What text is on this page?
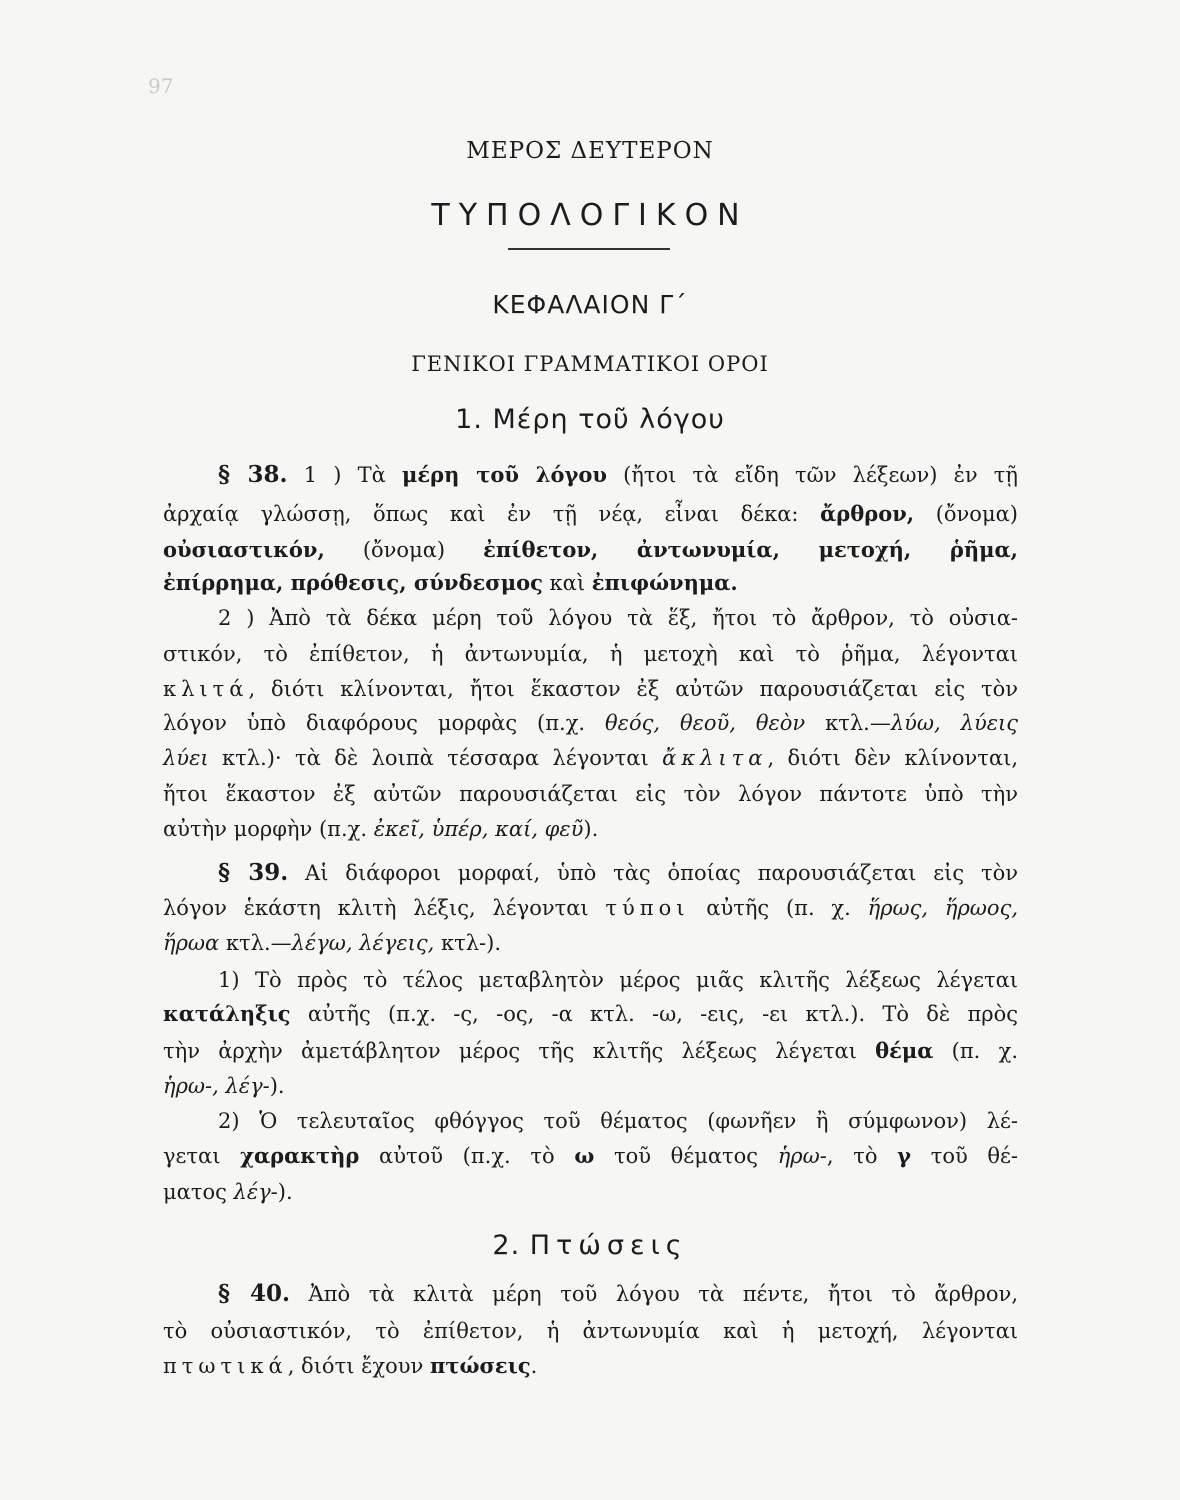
97
ΜΕΡΟΣ ΔΕΥΤΕΡΟΝ
ΤΥΠΟΛΟΓΙΚΟΝ
ΚΕΦΑΛΑΙΟΝ Γ΄
ΓΕΝΙΚΟΙ ΓΡΑΜΜΑΤΙΚΟΙ ΟΡΟΙ
1. Μέρη τοῦ λόγου
§ 38. 1 ) Τὰ μέρη τοῦ λόγου (ἤτοι τὰ εἴδη τῶν λέξεων) ἐν τῇ
ἀρχαίᾳ γλώσσῃ, ὅπως καὶ ἐν τῇ νέᾳ, εἶναι δέκα: ἄρθρον, (ὄνομα)
οὐσιαστικόν, (ὄνομα) ἐπίθετον, ἀντωνυμία, μετοχή, ῥῆμα,
ἐπίρρημα, πρόθεσις, σύνδεσμος καὶ ἐπιφώνημα.
2 ) Ἀπὸ τὰ δέκα μέρη τοῦ λόγου τὰ ἕξ, ἤτοι τὸ ἄρθρον, τὸ οὐσια-
στικόν, τὸ ἐπίθετον, ἡ ἀντωνυμία, ἡ μετοχὴ καὶ τὸ ῥῆμα, λέγονται
κλιτά, διότι κλίνονται, ἤτοι ἕκαστον ἐξ αὐτῶν παρουσιάζεται εἰς τὸν
λόγον ὑπὸ διαφόρους μορφὰς (π.χ. θεός, θεοῦ, θεὸν κτλ.—λύω, λύεις
λύει κτλ.)· τὰ δὲ λοιπὰ τέσσαρα λέγονται ἄκλιτα, διότι δὲν κλίνονται,
ἤτοι ἕκαστον ἐξ αὐτῶν παρουσιάζεται εἰς τὸν λόγον πάντοτε ὑπὸ τὴν
αὐτὴν μορφὴν (π.χ. ἐκεῖ, ὑπέρ, καί, φεῦ).
§ 39. Αἱ διάφοροι μορφαί, ὑπὸ τὰς ὁποίας παρουσιάζεται εἰς τὸν
λόγον ἑκάστη κλιτὴ λέξις, λέγονται τύποι αὐτῆς (π. χ. ἥρως, ἥρωος,
ἥρωα κτλ.—λέγω, λέγεις, κτλ-).
1) Τὸ πρὸς τὸ τέλος μεταβλητὸν μέρος μιᾶς κλιτῆς λέξεως λέγεται
κατάληξις αὐτῆς (π.χ. -ς, -ος, -α κτλ. -ω, -εις, -ει κτλ.). Τὸ δὲ πρὸς
τὴν ἀρχὴν ἀμετάβλητον μέρος τῆς κλιτῆς λέξεως λέγεται θέμα (π. χ.
ἡρω-, λέγ-).
2) Ὁ τελευταῖος φθόγγος τοῦ θέματος (φωνῆεν ἢ σύμφωνον) λέ-
γεται χαρακτὴρ αὐτοῦ (π.χ. τὸ ω τοῦ θέματος ἡρω-, τὸ γ τοῦ θέ-
ματος λέγ-).
2. Πτώσεις
§ 40. Ἀπὸ τὰ κλιτὰ μέρη τοῦ λόγου τὰ πέντε, ἤτοι τὸ ἄρθρον,
τὸ οὐσιαστικόν, τὸ ἐπίθετον, ἡ ἀντωνυμία καὶ ἡ μετοχή, λέγονται
πτωτικά, διότι ἔχουν πτώσεις.
